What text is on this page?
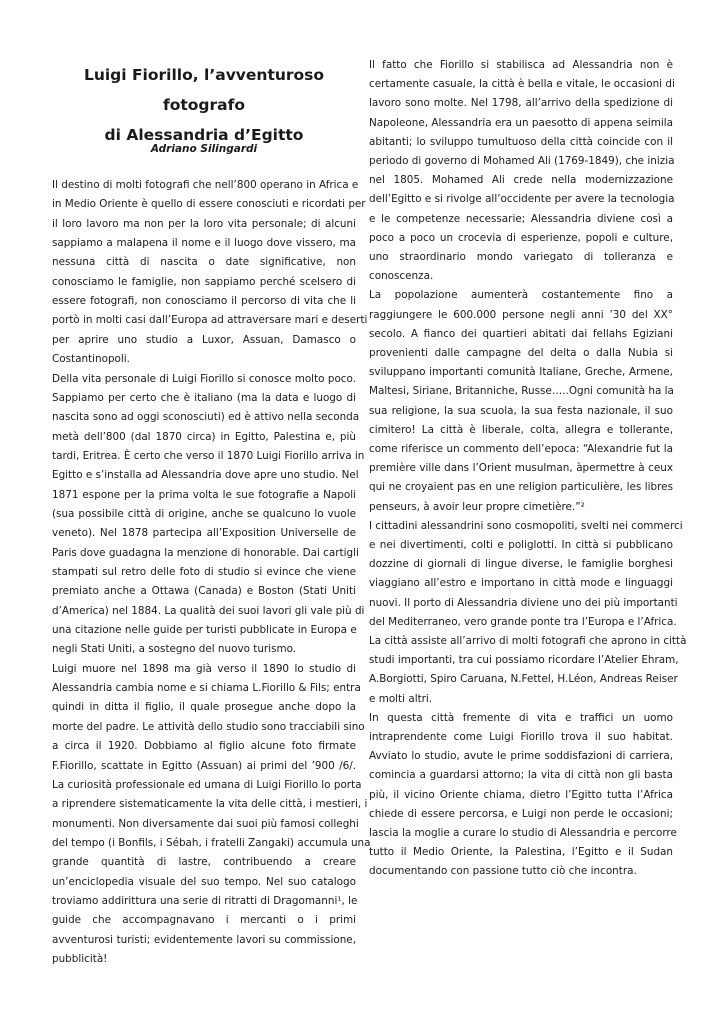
Luigi Fiorillo, l’avventuroso fotografo
di Alessandria d’Egitto
Adriano Silingardi
Il destino di molti fotografi che nell’800 operano in Africa e
in Medio Oriente è quello di essere conosciuti e ricordati per
il loro lavoro ma non per la loro vita personale; di alcuni
sappiamo a malapena il nome e il luogo dove vissero, ma
nessuna città di nascita o date significative, non
conosciamo le famiglie, non sappiamo perché scelsero di
essere fotografi, non conosciamo il percorso di vita che li
portò in molti casi dall’Europa ad attraversare mari e deserti
per aprire uno studio a Luxor, Assuan, Damasco o
Costantinopoli.
Della vita personale di Luigi Fiorillo si conosce molto poco.
Sappiamo per certo che è italiano (ma la data e luogo di
nascita sono ad oggi sconosciuti) ed è attivo nella seconda
metà dell’800 (dal 1870 circa) in Egitto, Palestina e, più
tardi, Eritrea. È certo che verso il 1870 Luigi Fiorillo arriva in
Egitto e s’installa ad Alessandria dove apre uno studio. Nel
1871 espone per la prima volta le sue fotografie a Napoli
(sua possibile città di origine, anche se qualcuno lo vuole
veneto). Nel 1878 partecipa all’Exposition Universelle de
Paris dove guadagna la menzione di honorable. Dai cartigli
stampati sul retro delle foto di studio si evince che viene
premiato anche a Ottawa (Canada) e Boston (Stati Uniti
d’America) nel 1884. La qualità dei suoi lavori gli vale più di
una citazione nelle guide per turisti pubblicate in Europa e
negli Stati Uniti, a sostegno del nuovo turismo.
Luigi muore nel 1898 ma già verso il 1890 lo studio di
Alessandria cambia nome e si chiama L.Fiorillo & Fils; entra
quindi in ditta il figlio, il quale prosegue anche dopo la
morte del padre. Le attività dello studio sono tracciabili sino
a circa il 1920. Dobbiamo al figlio alcune foto firmate
F.Fiorillo, scattate in Egitto (Assuan) ai primi del ’900 /6/.
La curiosità professionale ed umana di Luigi Fiorillo lo porta
a riprendere sistematicamente la vita delle città, i mestieri, i
monumenti. Non diversamente dai suoi più famosi colleghi
del tempo (i Bonfils, i Sébah, i fratelli Zangaki) accumula una
grande quantità di lastre, contribuendo a creare
un’enciclopedia visuale del suo tempo. Nel suo catalogo
troviamo addirittura una serie di ritratti di Dragomanni¹, le
guide che accompagnavano i mercanti o i primi
avventurosi turisti; evidentemente lavori su commissione,
pubblicità!
Il fatto che Fiorillo si stabilisca ad Alessandria non è
certamente casuale, la città è bella e vitale, le occasioni di
lavoro sono molte. Nel 1798, all’arrivo della spedizione di
Napoleone, Alessandria era un paesotto di appena seimila
abitanti; lo sviluppo tumultuoso della città coincide con il
periodo di governo di Mohamed Ali (1769-1849), che inizia
nel 1805. Mohamed Ali crede nella modernizzazione
dell’Egitto e si rivolge all’occidente per avere la tecnologia
e le competenze necessarie; Alessandria diviene così a
poco a poco un crocevia di esperienze, popoli e culture,
uno straordinario mondo variegato di tolleranza e
conoscenza.
La popolazione aumenterà costantemente fino a
raggiungere le 600.000 persone negli anni ’30 del XX°
secolo. A fianco dei quartieri abitati dai fellahs Egiziani
provenienti dalle campagne del delta o dalla Nubia si
sviluppano importanti comunità Italiane, Greche, Armene,
Maltesi, Siriane, Britanniche, Russe…..Ogni comunità ha la
sua religione, la sua scuola, la sua festa nazionale, il suo
cimitero! La città è liberale, colta, allegra e tollerante,
come riferisce un commento dell’epoca: “Alexandrie fut la
première ville dans l’Orient musulman, àpermettre à ceux
qui ne croyaient pas en une religion particulière, les libres
penseurs, à avoir leur propre cimetière.”²
I cittadini alessandrini sono cosmopoliti, svelti nei commerci
e nei divertimenti, colti e poliglotti. In città si pubblicano
dozzine di giornali di lingue diverse, le famiglie borghesi
viaggiano all’estro e importano in città mode e linguaggi
nuovi. Il porto di Alessandria diviene uno dei più importanti
del Mediterraneo, vero grande ponte tra l’Europa e l’Africa.
La città assiste all’arrivo di molti fotografi che aprono in città
studi importanti, tra cui possiamo ricordare l’Atelier Ehram,
A.Borgiotti, Spiro Caruana, N.Fettel, H.Léon, Andreas Reiser
e molti altri.
In questa città fremente di vita e traffici un uomo
intraprendente come Luigi Fiorillo trova il suo habitat.
Avviato lo studio, avute le prime soddisfazioni di carriera,
comincia a guardarsi attorno; la vita di città non gli basta
più, il vicino Oriente chiama, dietro l’Egitto tutta l’Africa
chiede di essere percorsa, e Luigi non perde le occasioni;
lascia la moglie a curare lo studio di Alessandria e percorre
tutto il Medio Oriente, la Palestina, l’Egitto e il Sudan
documentando con passione tutto ciò che incontra.
